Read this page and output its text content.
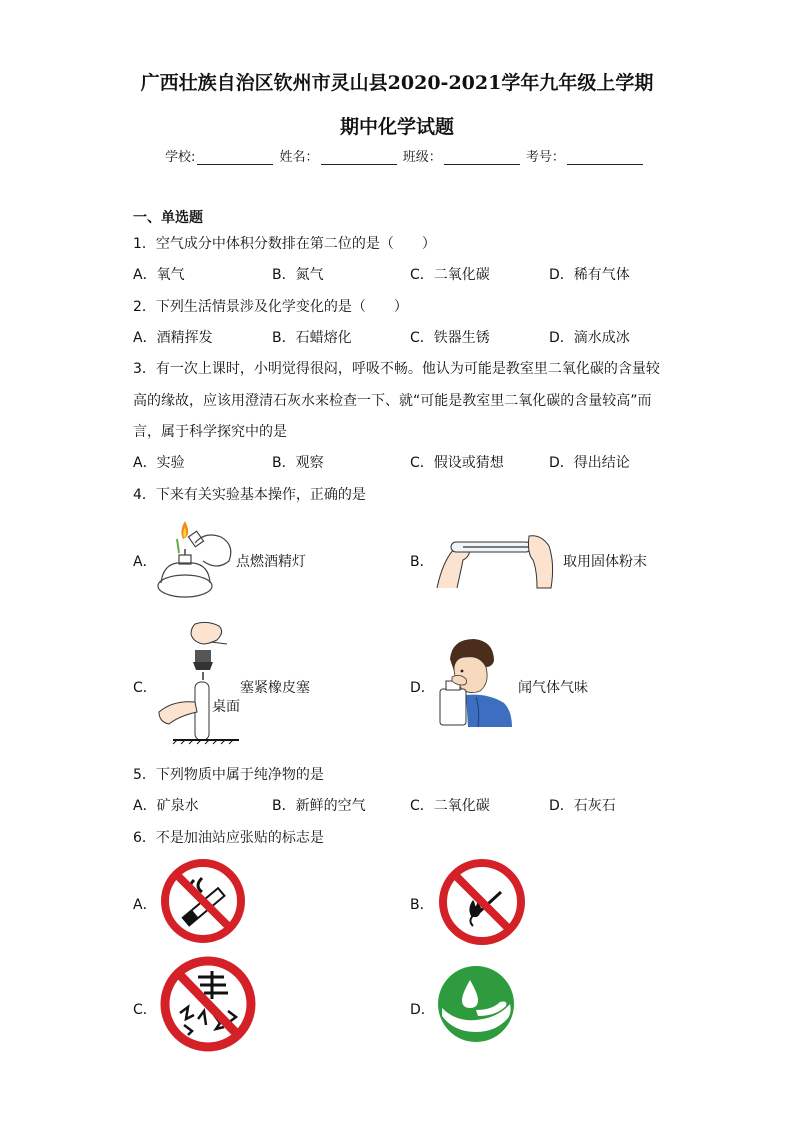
广西壮族自治区钦州市灵山县2020-2021学年九年级上学期
期中化学试题
学校:	姓名：	班级：	考号：
一、单选题
1．空气成分中体积分数排在第二位的是（　　）
A．氧气	B．氮气	C．二氧化碳	D．稀有气体
2．下列生活情景涉及化学变化的是（　　）
A．酒精挥发	B．石蜡熔化	C．铁器生锈	D．滴水成冰
3．有一次上课时，小明觉得很闷，呼吸不畅。他认为可能是教室里二氧化碳的含量较
高的缘故，应该用澄清石灰水来检查一下、就“可能是教室里二氧化碳的含量较高”而
言，属于科学探究中的是
A．实验	B．观察	C．假设或猜想	D．得出结论
4．下来有关实验基本操作，正确的是
A．	点燃酒精灯	B．	取用固体粉末
C．	塞紧橡皮塞
桌面
D．	闻气体气味
5．下列物质中属于纯净物的是
A．矿泉水	B．新鲜的空气	C．二氧化碳	D．石灰石
6．不是加油站应张贴的标志是
A．	B．
C．	D．
